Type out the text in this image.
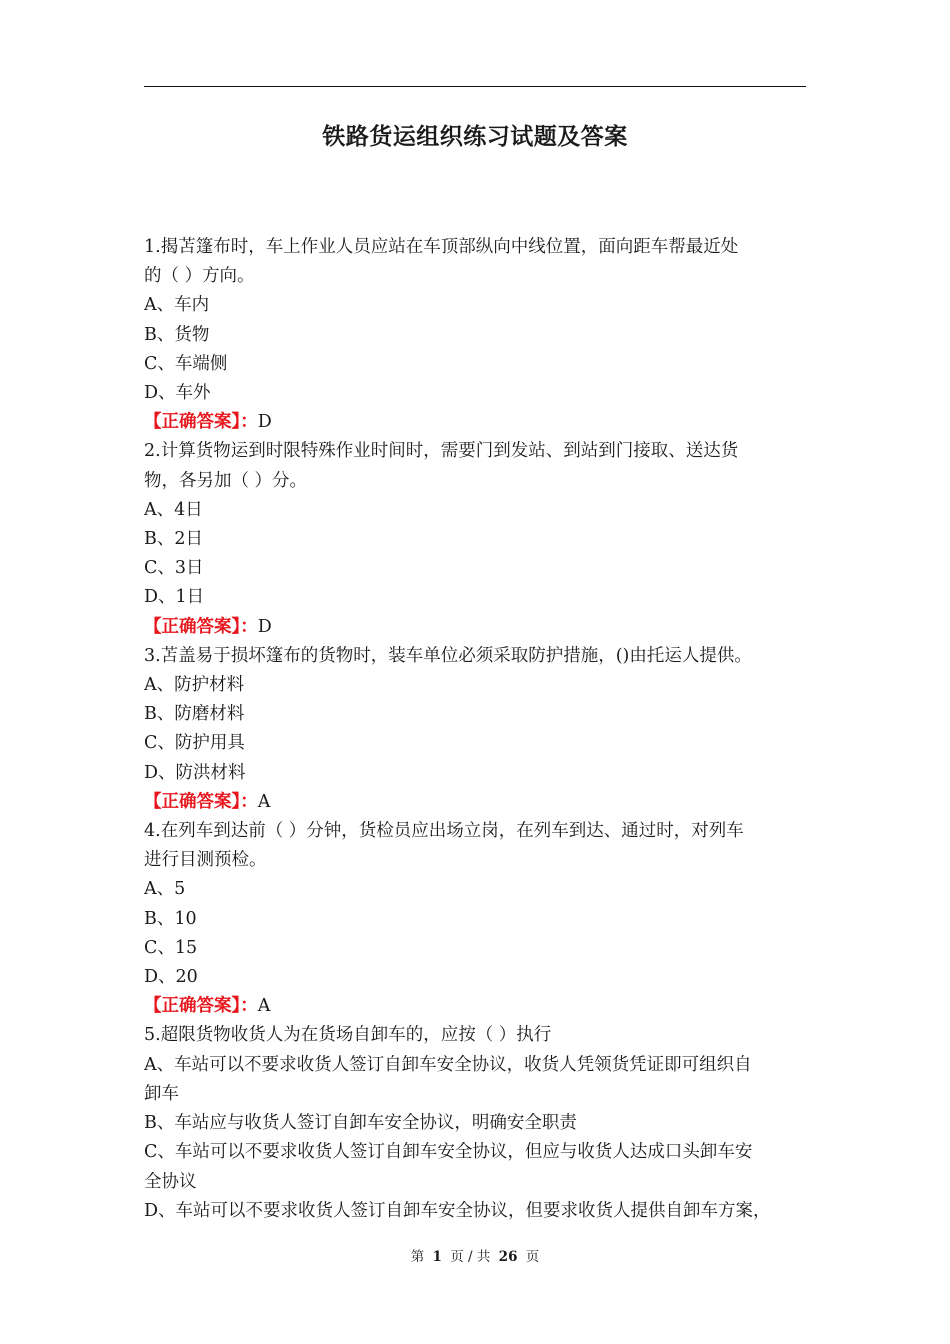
铁路货运组织练习试题及答案
1.揭苫篷布时，车上作业人员应站在车顶部纵向中线位置，面向距车帮最近处
的（ ）方向。
A、车内
B、货物
C、车端侧
D、车外
【正确答案】：D
2.计算货物运到时限特殊作业时间时，需要门到发站、到站到门接取、送达货
物，各另加（ ）分。
A、4日
B、2日
C、3日
D、1日
【正确答案】：D
3.苫盖易于损坏篷布的货物时，装车单位必须采取防护措施，()由托运人提供。
A、防护材料
B、防磨材料
C、防护用具
D、防洪材料
【正确答案】：A
4.在列车到达前（ ）分钟，货检员应出场立岗，在列车到达、通过时，对列车
进行目测预检。
A、5
B、10
C、15
D、20
【正确答案】：A
5.超限货物收货人为在货场自卸车的，应按（ ）执行
A、车站可以不要求收货人签订自卸车安全协议，收货人凭领货凭证即可组织自
卸车
B、车站应与收货人签订自卸车安全协议，明确安全职责
C、车站可以不要求收货人签订自卸车安全协议，但应与收货人达成口头卸车安
全协议
D、车站可以不要求收货人签订自卸车安全协议，但要求收货人提供自卸车方案，
第 1 页 / 共 26 页
